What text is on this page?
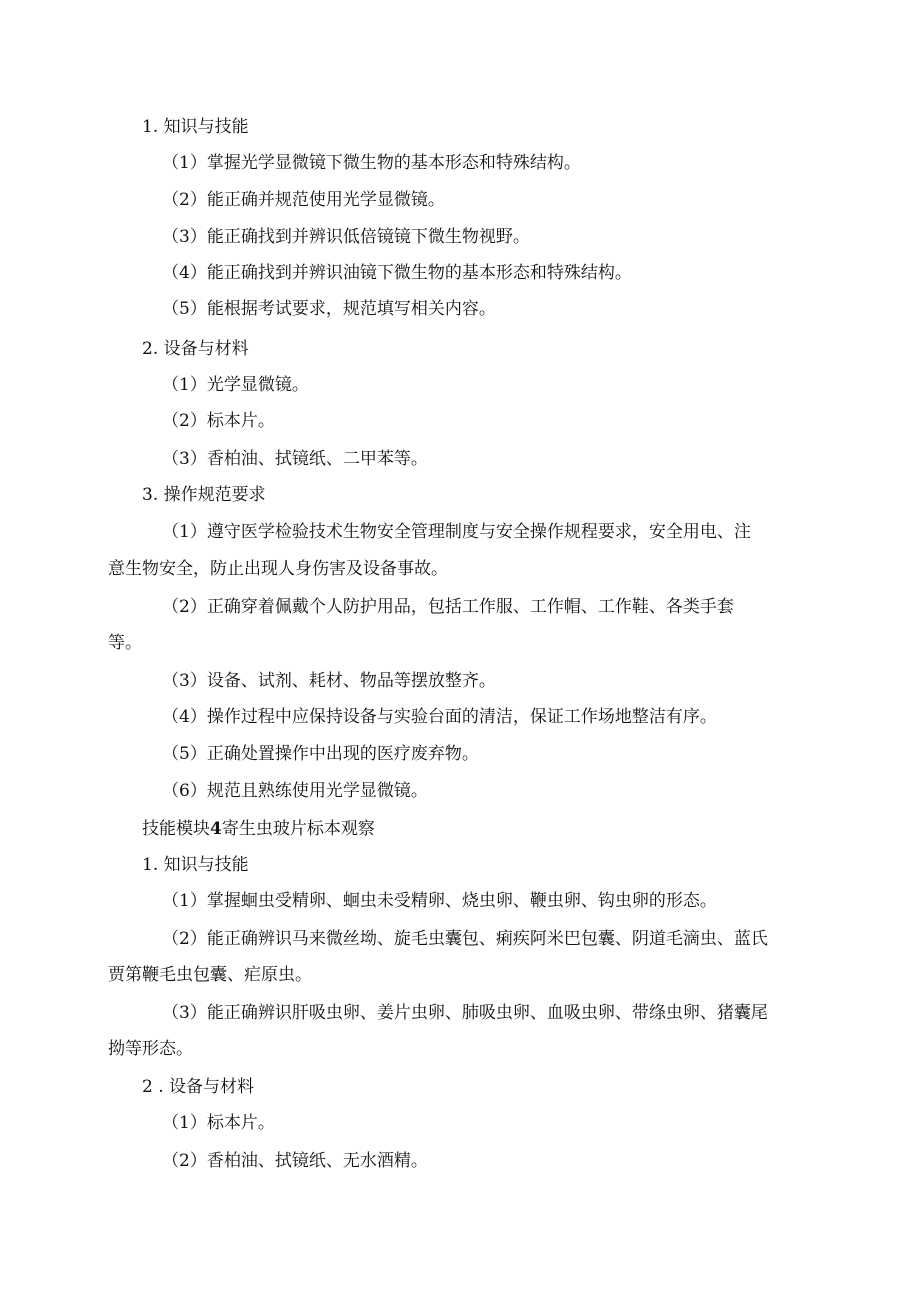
1. 知识与技能
（1）掌握光学显微镜下微生物的基本形态和特殊结构。
（2）能正确并规范使用光学显微镜。
（3）能正确找到并辨识低倍镜镜下微生物视野。
（4）能正确找到并辨识油镜下微生物的基本形态和特殊结构。
（5）能根据考试要求，规范填写相关内容。
2. 设备与材料
（1）光学显微镜。
（2）标本片。
（3）香柏油、拭镜纸、二甲苯等。
3. 操作规范要求
（1）遵守医学检验技术生物安全管理制度与安全操作规程要求，安全用电、注
意生物安全，防止出现人身伤害及设备事故。
（2）正确穿着佩戴个人防护用品，包括工作服、工作帽、工作鞋、各类手套
等。
（3）设备、试剂、耗材、物品等摆放整齐。
（4）操作过程中应保持设备与实验台面的清洁，保证工作场地整洁有序。
（5）正确处置操作中出现的医疗废弃物。
（6）规范且熟练使用光学显微镜。
技能模块4寄生虫玻片标本观察
1. 知识与技能
（1）掌握蛔虫受精卵、蛔虫未受精卵、烧虫卵、鞭虫卵、钩虫卵的形态。
（2）能正确辨识马来微丝坳、旋毛虫囊包、痢疾阿米巴包囊、阴道毛滴虫、蓝氏
贾第鞭毛虫包囊、疟原虫。
（3）能正确辨识肝吸虫卵、姜片虫卵、肺吸虫卵、血吸虫卵、带绦虫卵、猪囊尾
拗等形态。
2 . 设备与材料
（1）标本片。
（2）香柏油、拭镜纸、无水酒精。
